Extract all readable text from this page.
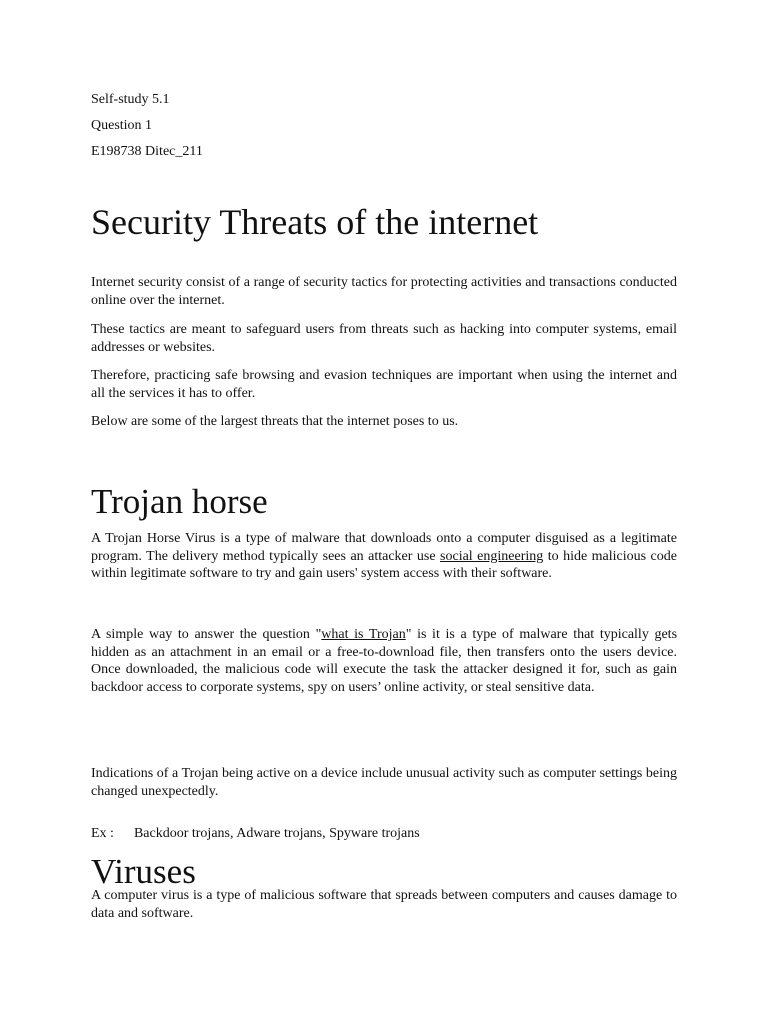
Self-study 5.1

Question 1

E198738 Ditec_211

Security Threats of the internet

Internet security consist of a range of security tactics for protecting activities and transactions conducted online over the internet.

These tactics are meant to safeguard users from threats such as hacking into computer systems, email addresses or websites.

Therefore, practicing safe browsing and evasion techniques are important when using the internet and all the services it has to offer.

Below are some of the largest threats that the internet poses to us.

Trojan horse

A Trojan Horse Virus is a type of malware that downloads onto a computer disguised as a legitimate program. The delivery method typically sees an attacker use social engineering to hide malicious code within legitimate software to try and gain users' system access with their software.

A simple way to answer the question "what is Trojan" is it is a type of malware that typically gets hidden as an attachment in an email or a free-to-download file, then transfers onto the users device. Once downloaded, the malicious code will execute the task the attacker designed it for, such as gain backdoor access to corporate systems, spy on users’ online activity, or steal sensitive data.

Indications of a Trojan being active on a device include unusual activity such as computer settings being changed unexpectedly.

Ex : Backdoor trojans, Adware trojans, Spyware trojans

Viruses

A computer virus is a type of malicious software that spreads between computers and causes damage to data and software.
